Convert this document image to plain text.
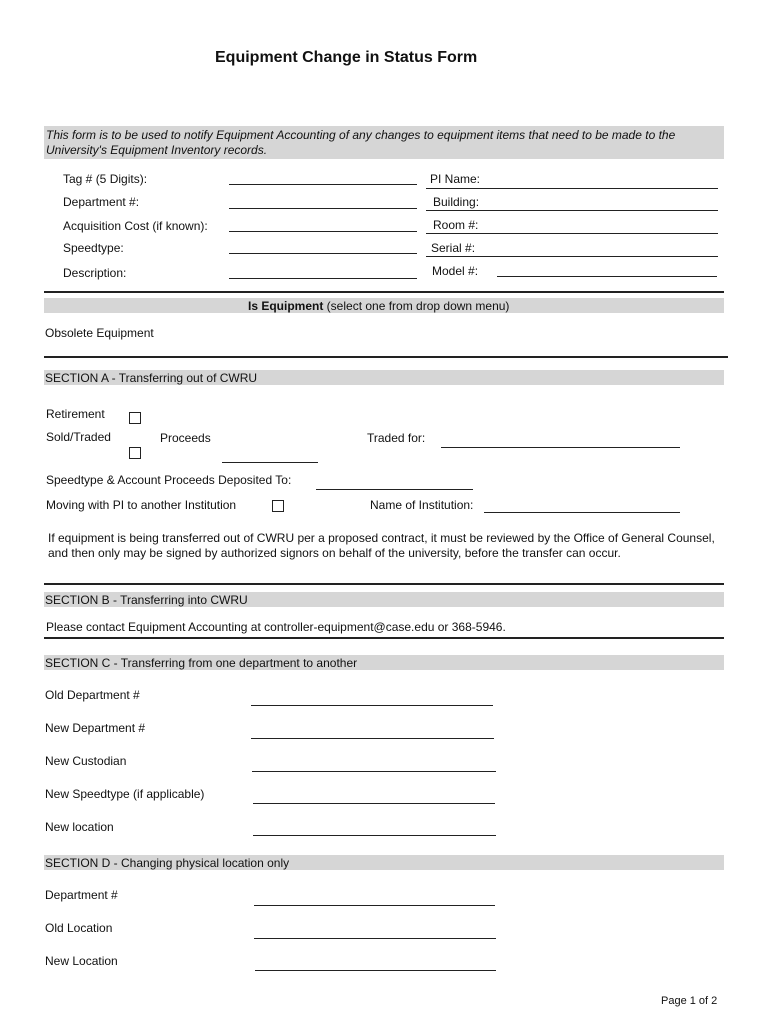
Equipment Change in Status Form
This form is to be used to notify Equipment Accounting of any changes to equipment items that need to be made to the University's Equipment Inventory records.
Tag # (5 Digits):
Department #:
Acquisition Cost (if known):
Speedtype:
Description:
PI Name:
Building:
Room #:
Serial #:
Model #:
Is Equipment (select one from drop down menu)
Obsolete Equipment
SECTION A - Transferring out of CWRU
Retirement
Sold/Traded	Proceeds	Traded for:
Speedtype & Account Proceeds Deposited To:
Moving with PI to another Institution	Name of Institution:
If equipment is being transferred out of CWRU per a proposed contract, it must be reviewed by the Office of General Counsel, and then only may be signed by authorized signors on behalf of the university, before the transfer can occur.
SECTION B - Transferring into CWRU
Please contact Equipment Accounting at controller-equipment@case.edu or 368-5946.
SECTION C - Transferring from one department to another
Old Department #
New Department #
New Custodian
New Speedtype (if applicable)
New location
SECTION D - Changing physical location only
Department #
Old Location
New Location
Page 1 of 2
